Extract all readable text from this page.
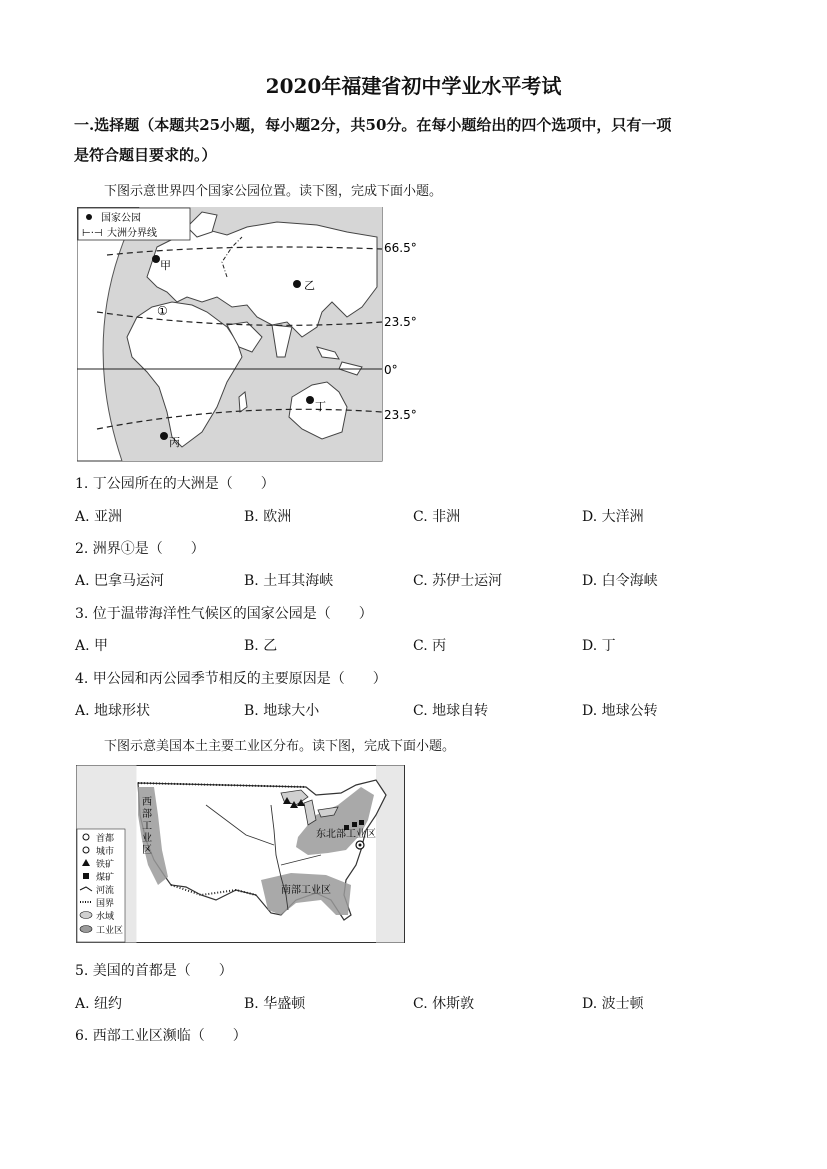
2020年福建省初中学业水平考试
一.选择题（本题共25小题，每小题2分，共50分。在每小题给出的四个选项中，只有一项
是符合题目要求的。）
下图示意世界四个国家公园位置。读下图，完成下面小题。
国家公园
⊢·⊣ 大洲分界线
甲
乙
丙
丁
①
66.5°
23.5°
0°
23.5°
1. 丁公园所在的大洲是（　　）
A. 亚洲	B. 欧洲	C. 非洲	D. 大洋洲
2. 洲界①是（　　）
A. 巴拿马运河	B. 土耳其海峡	C. 苏伊士运河	D. 白令海峡
3. 位于温带海洋性气候区的国家公园是（　　）
A. 甲	B. 乙	C. 丙	D. 丁
4. 甲公园和丙公园季节相反的主要原因是（　　）
A. 地球形状	B. 地球大小	C. 地球自转	D. 地球公转
下图示意美国本土主要工业区分布。读下图，完成下面小题。
东北部工业区
南部工业区
西
部
工
业
区
首都
城市
铁矿
煤矿
河流
国界
水域
工业区
5. 美国的首都是（　　）
A. 纽约	B. 华盛顿	C. 休斯敦	D. 波士顿
6. 西部工业区濒临（　　）
